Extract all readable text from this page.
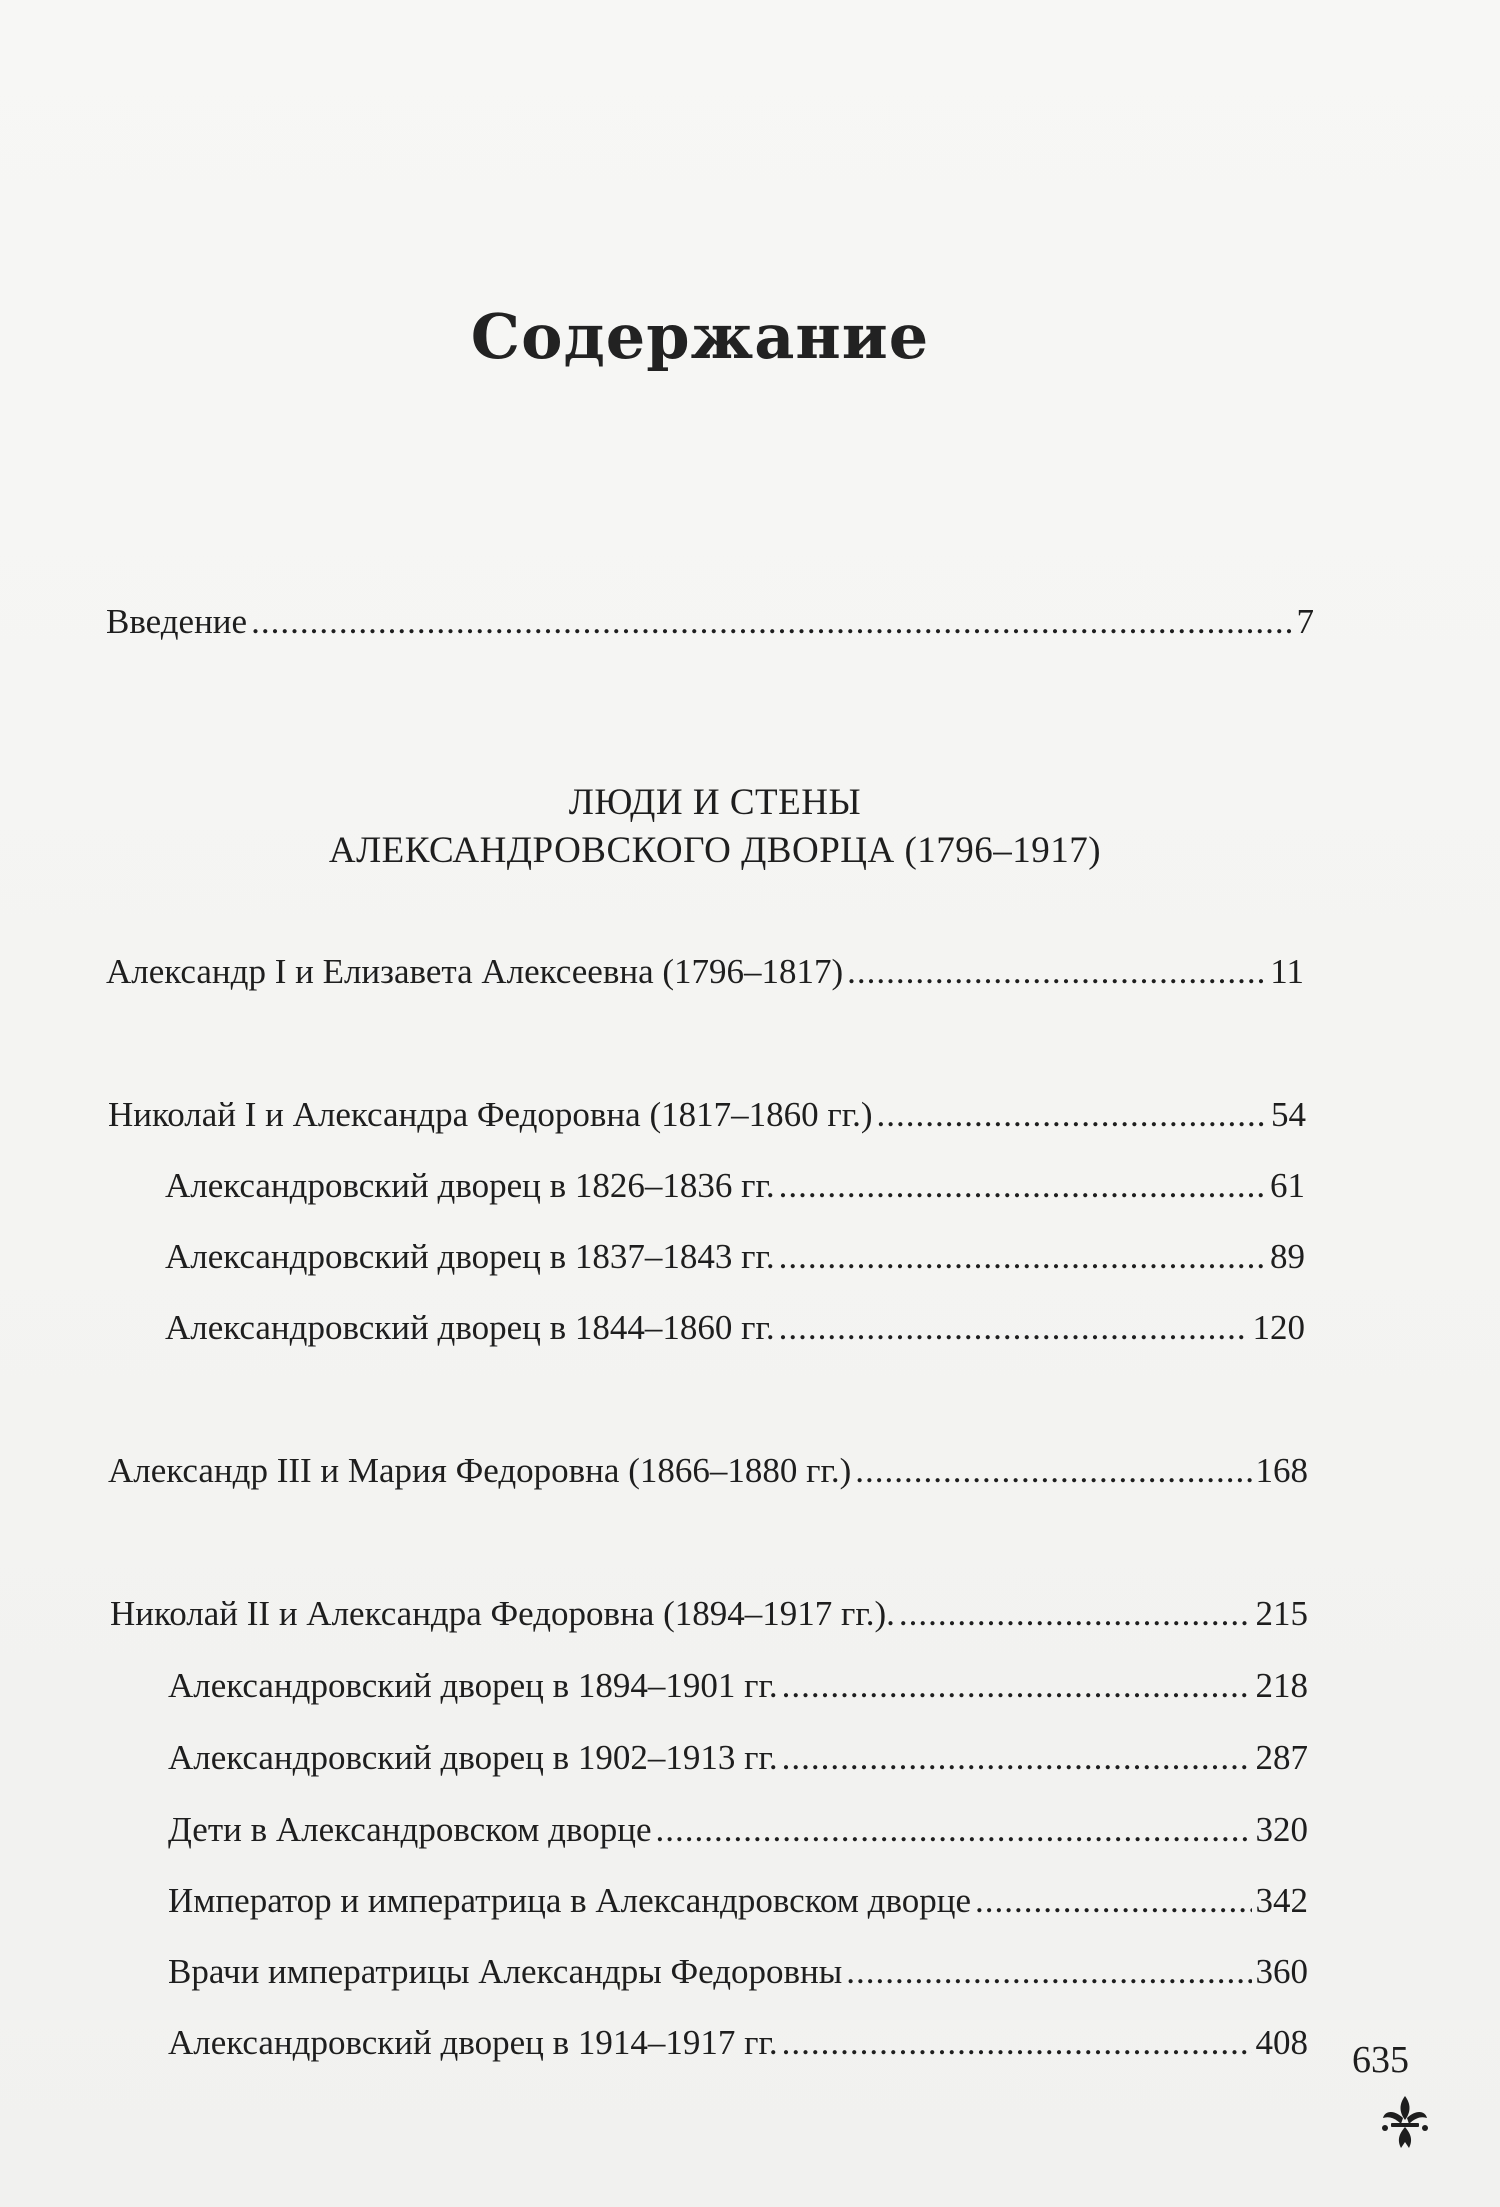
Содержание
Введение .....	7
ЛЮДИ И СТЕНЫ
АЛЕКСАНДРОВСКОГО ДВОРЦА (1796–1917)
Александр I и Елизавета Алексеевна (1796–1817) .....	11
Николай I и Александра Федоровна (1817–1860 гг.) .....	54
Александровский дворец в 1826–1836 гг. .....	61
Александровский дворец в 1837–1843 гг. .....	89
Александровский дворец в 1844–1860 гг. .....	120
Александр III и Мария Федоровна (1866–1880 гг.) .....	168
Николай II и Александра Федоровна (1894–1917 гг.). .....	215
Александровский дворец в 1894–1901 гг. .....	218
Александровский дворец в 1902–1913 гг. .....	287
Дети в Александровском дворце .....	320
Император и императрица в Александровском дворце .....	342
Врачи императрицы Александры Федоровны .....	360
Александровский дворец в 1914–1917 гг. .....	408 635
